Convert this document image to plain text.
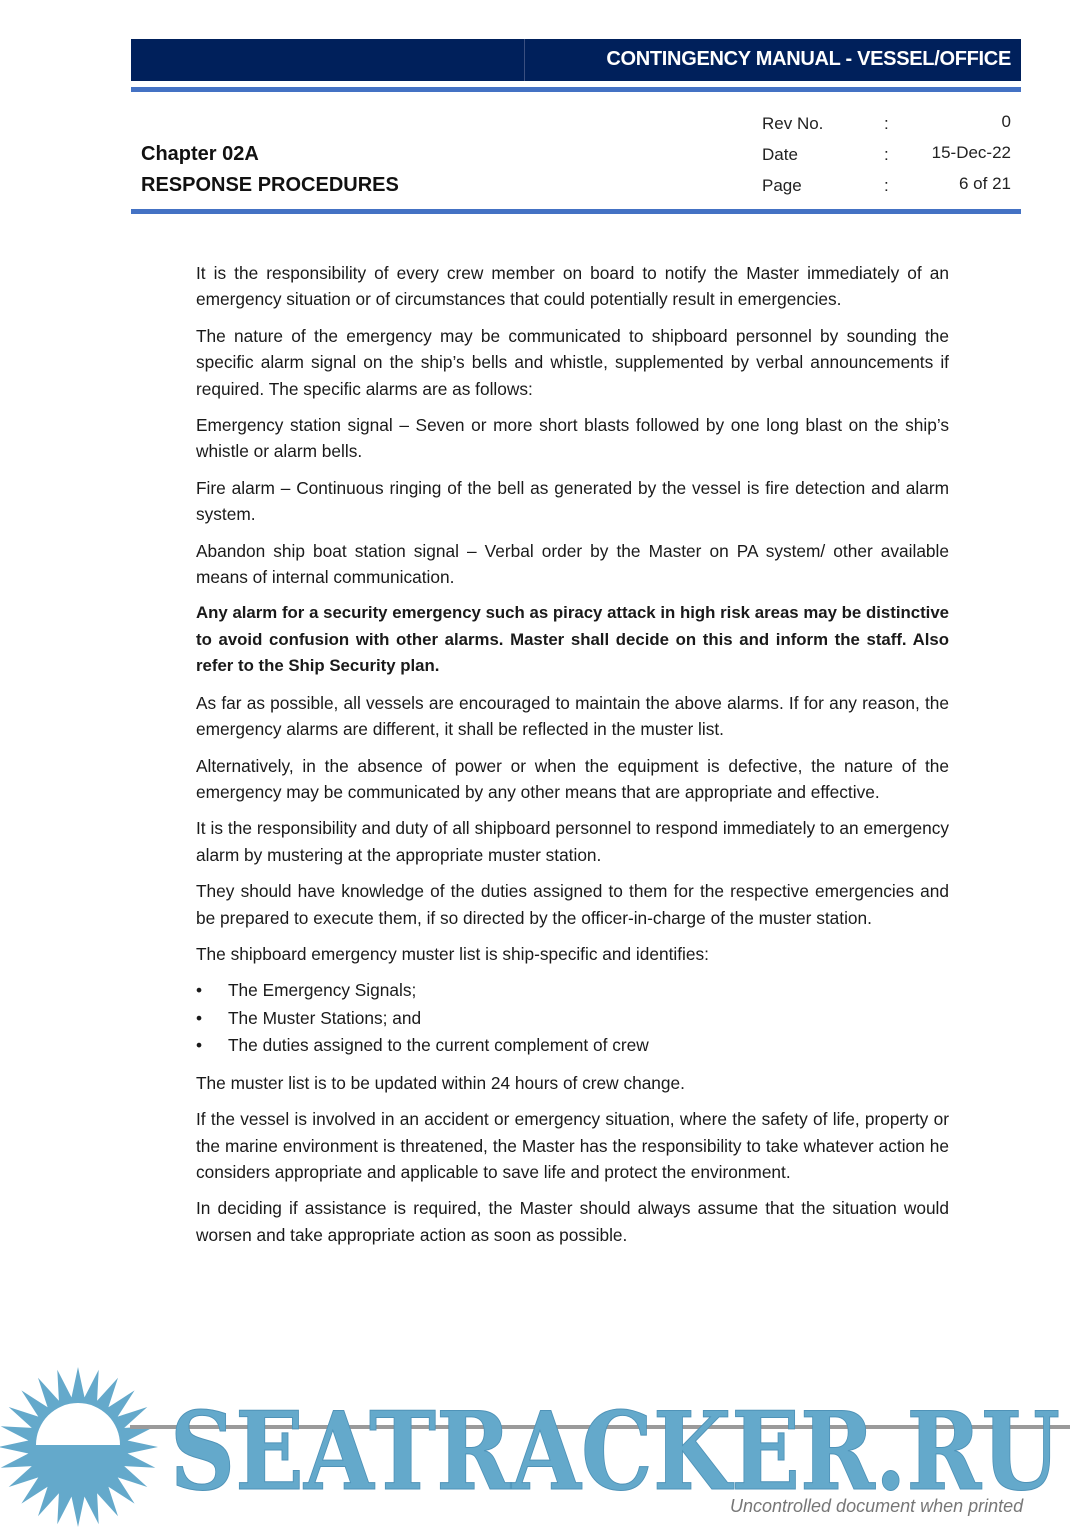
CONTINGENCY MANUAL - VESSEL/OFFICE
Chapter 02A
RESPONSE PROCEDURES
Rev No.	:	0
Date	:	15-Dec-22
Page	:	6 of 21

It is the responsibility of every crew member on board to notify the Master immediately of an emergency situation or of circumstances that could potentially result in emergencies.

The nature of the emergency may be communicated to shipboard personnel by sounding the specific alarm signal on the ship’s bells and whistle, supplemented by verbal announcements if required. The specific alarms are as follows:

Emergency station signal – Seven or more short blasts followed by one long blast on the ship’s whistle or alarm bells.

Fire alarm – Continuous ringing of the bell as generated by the vessel is fire detection and alarm system.

Abandon ship boat station signal – Verbal order by the Master on PA system/ other available means of internal communication.

Any alarm for a security emergency such as piracy attack in high risk areas may be distinctive to avoid confusion with other alarms. Master shall decide on this and inform the staff. Also refer to the Ship Security plan.

As far as possible, all vessels are encouraged to maintain the above alarms. If for any reason, the emergency alarms are different, it shall be reflected in the muster list.

Alternatively, in the absence of power or when the equipment is defective, the nature of the emergency may be communicated by any other means that are appropriate and effective.

It is the responsibility and duty of all shipboard personnel to respond immediately to an emergency alarm by mustering at the appropriate muster station.

They should have knowledge of the duties assigned to them for the respective emergencies and be prepared to execute them, if so directed by the officer-in-charge of the muster station.

The shipboard emergency muster list is ship-specific and identifies:

• The Emergency Signals;
• The Muster Stations; and
• The duties assigned to the current complement of crew

The muster list is to be updated within 24 hours of crew change.

If the vessel is involved in an accident or emergency situation, where the safety of life, property or the marine environment is threatened, the Master has the responsibility to take whatever action he considers appropriate and applicable to save life and protect the environment.

In deciding if assistance is required, the Master should always assume that the situation would worsen and take appropriate action as soon as possible.

SEATRACKER.RU
Uncontrolled document when printed
